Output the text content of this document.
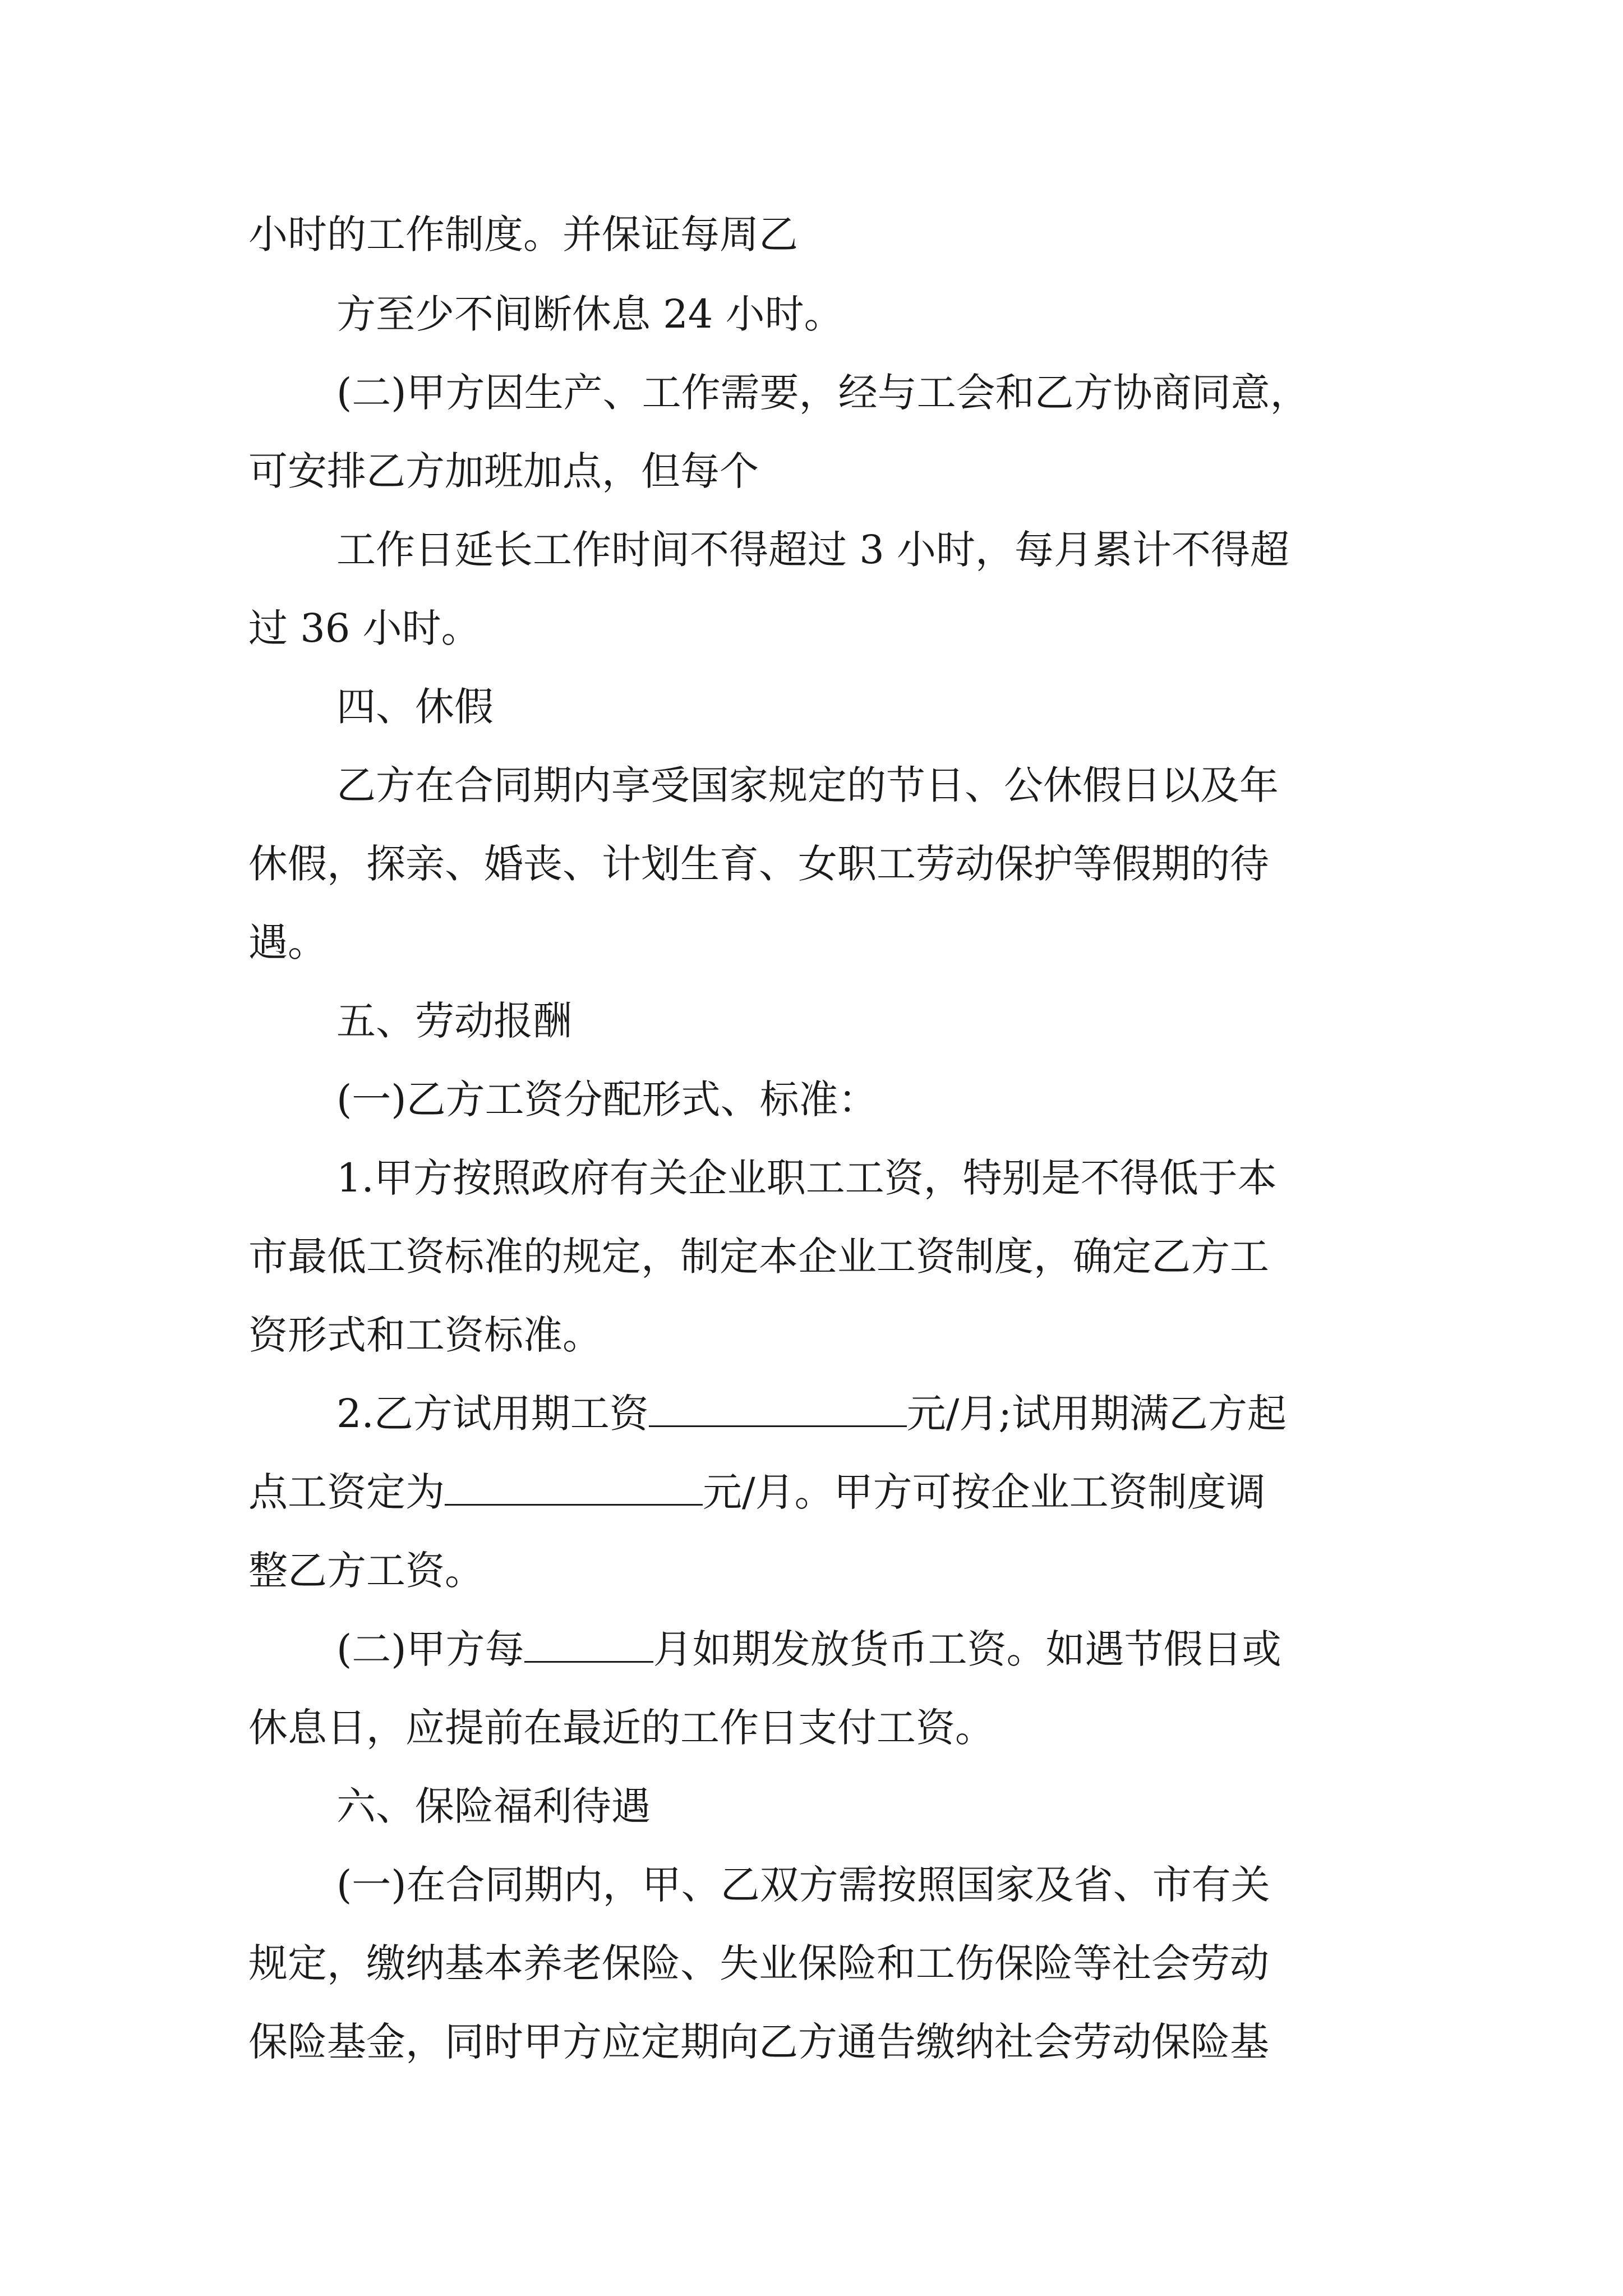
小时的工作制度。并保证每周乙

方至少不间断休息 24 小时。

(二)甲方因生产、工作需要，经与工会和乙方协商同意，

可安排乙方加班加点，但每个

工作日延长工作时间不得超过 3 小时，每月累计不得超

过 36 小时。

四、休假

乙方在合同期内享受国家规定的节日、公休假日以及年

休假，探亲、婚丧、计划生育、女职工劳动保护等假期的待

遇。

五、劳动报酬

(一)乙方工资分配形式、标准：

1.甲方按照政府有关企业职工工资，特别是不得低于本

市最低工资标准的规定，制定本企业工资制度，确定乙方工

资形式和工资标准。

2.乙方试用期工资	元/月;试用期满乙方起

点工资定为	元/月。甲方可按企业工资制度调

整乙方工资。

(二)甲方每	月如期发放货币工资。如遇节假日或

休息日，应提前在最近的工作日支付工资。

六、保险福利待遇

(一)在合同期内，甲、乙双方需按照国家及省、市有关

规定，缴纳基本养老保险、失业保险和工伤保险等社会劳动

保险基金，同时甲方应定期向乙方通告缴纳社会劳动保险基
